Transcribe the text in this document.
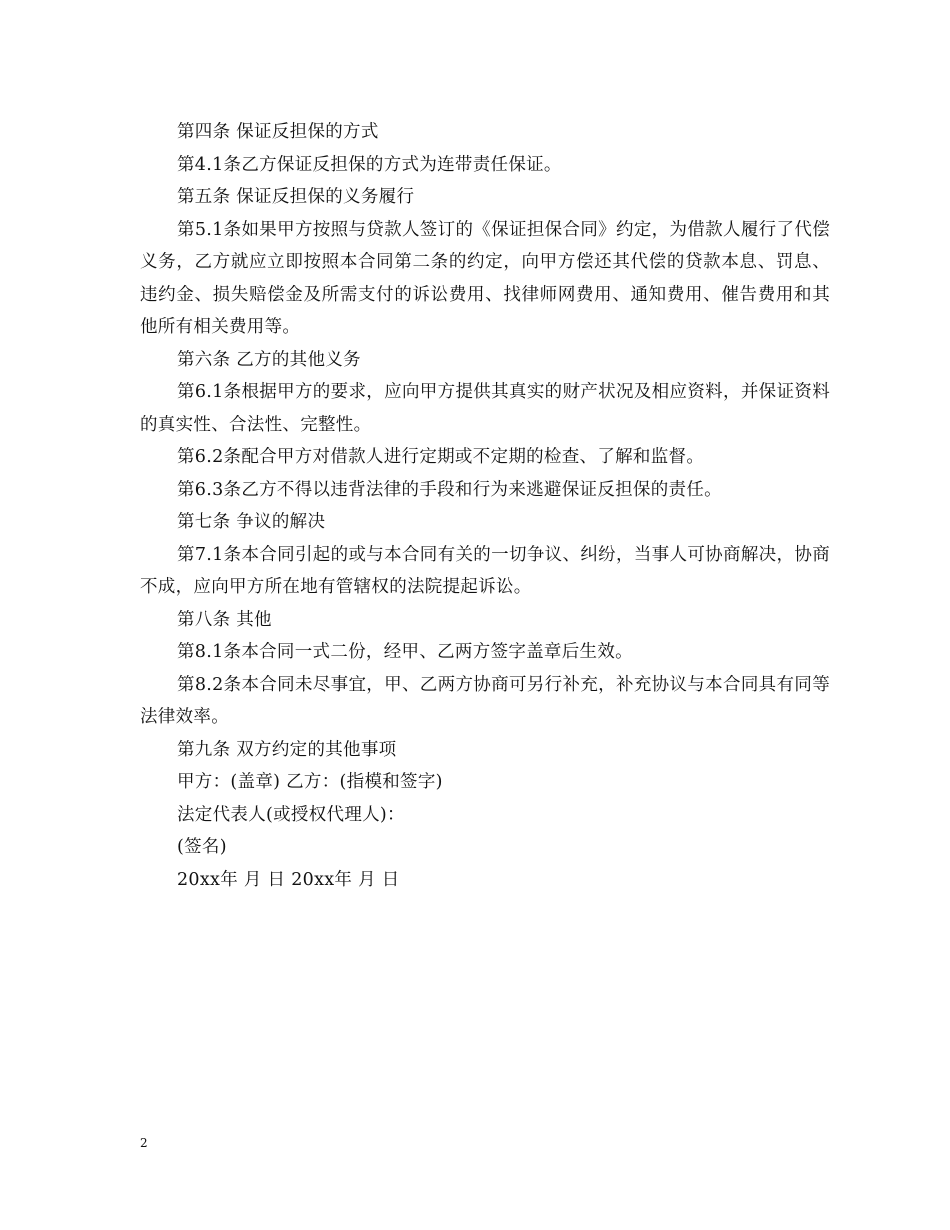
第四条 保证反担保的方式

第4.1条乙方保证反担保的方式为连带责任保证。

第五条 保证反担保的义务履行

第5.1条如果甲方按照与贷款人签订的《保证担保合同》约定，为借款人履行了代偿义务，乙方就应立即按照本合同第二条的约定，向甲方偿还其代偿的贷款本息、罚息、违约金、损失赔偿金及所需支付的诉讼费用、找律师网费用、通知费用、催告费用和其他所有相关费用等。

第六条 乙方的其他义务

第6.1条根据甲方的要求，应向甲方提供其真实的财产状况及相应资料，并保证资料的真实性、合法性、完整性。

第6.2条配合甲方对借款人进行定期或不定期的检查、了解和监督。

第6.3条乙方不得以违背法律的手段和行为来逃避保证反担保的责任。

第七条 争议的解决

第7.1条本合同引起的或与本合同有关的一切争议、纠纷，当事人可协商解决，协商不成，应向甲方所在地有管辖权的法院提起诉讼。

第八条 其他

第8.1条本合同一式二份，经甲、乙两方签字盖章后生效。

第8.2条本合同未尽事宜，甲、乙两方协商可另行补充，补充协议与本合同具有同等法律效率。

第九条 双方约定的其他事项

甲方：(盖章) 乙方：(指模和签字)

法定代表人(或授权代理人)：

(签名)

20xx年 月 日 20xx年 月 日

2
